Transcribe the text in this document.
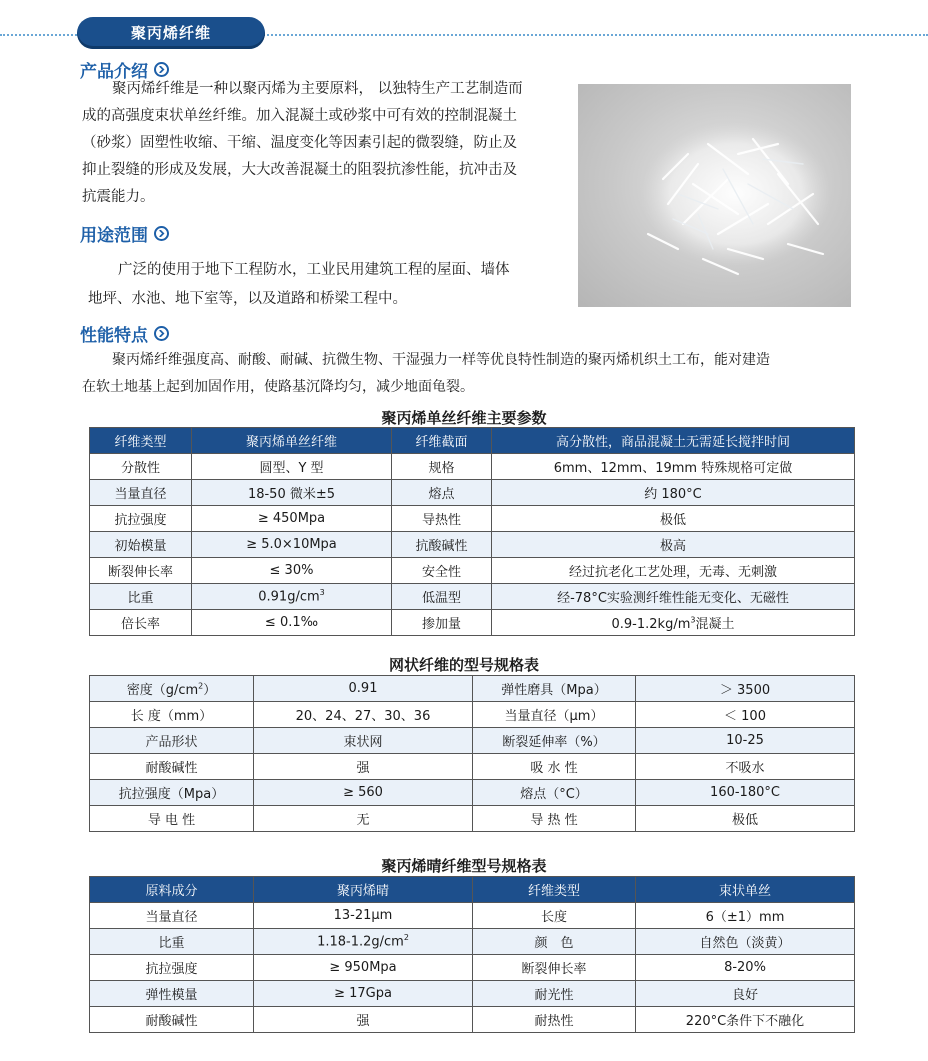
聚丙烯纤维
产品介绍
聚丙烯纤维是一种以聚丙烯为主要原料， 以独特生产工艺制造而
成的高强度束状单丝纤维。加入混凝土或砂浆中可有效的控制混凝土
（砂浆）固塑性收缩、干缩、温度变化等因素引起的微裂缝，防止及
抑止裂缝的形成及发展，大大改善混凝土的阻裂抗渗性能，抗冲击及
抗震能力。
用途范围
广泛的使用于地下工程防水，工业民用建筑工程的屋面、墙体
地坪、水池、地下室等，以及道路和桥梁工程中。
性能特点
聚丙烯纤维强度高、耐酸、耐碱、抗微生物、干湿强力一样等优良特性制造的聚丙烯机织土工布，能对建造
在软土地基上起到加固作用，使路基沉降均匀，减少地面龟裂。
聚丙烯单丝纤维主要参数
纤维类型	聚丙烯单丝纤维	纤维截面	高分散性，商品混凝土无需延长搅拌时间
分散性	圆型、Y 型	规格	6mm、12mm、19mm 特殊规格可定做
当量直径	18-50 微米±5	熔点	约 180°C
抗拉强度	≥ 450Mpa	导热性	极低
初始模量	≥ 5.0×10Mpa	抗酸碱性	极高
断裂伸长率	≤ 30%	安全性	经过抗老化工艺处理，无毒、无刺激
比重	$0.91g/cm^3$	低温型	经-78°C实验测纤维性能无变化、无磁性
倍长率	≤ 0.1‰	掺加量	$0.9-1.2kg/m^3$混凝土
网状纤维的型号规格表
密度$(g/cm^2)$	0.91	弹性磨具（Mpa）	＞ 3500
长 度（mm）	20、24、27、30、36	当量直径（μm）	＜ 100
产品形状	束状网	断裂延伸率（%）	10-25
耐酸碱性	强	吸 水 性	不吸水
抗拉强度（Mpa）	≥ 560	熔点（°C）	160-180°C
导 电 性	无	导 热 性	极低
聚丙烯晴纤维型号规格表
原料成分	聚丙烯晴	纤维类型	束状单丝
当量直径	13-21μm	长度	6（±1）mm
比重	$1.18-1.2g/cm^2$	颜　色	自然色（淡黄）
抗拉强度	≥ 950Mpa	断裂伸长率	8-20%
弹性模量	≥ 17Gpa	耐光性	良好
耐酸碱性	强	耐热性	220°C条件下不融化
